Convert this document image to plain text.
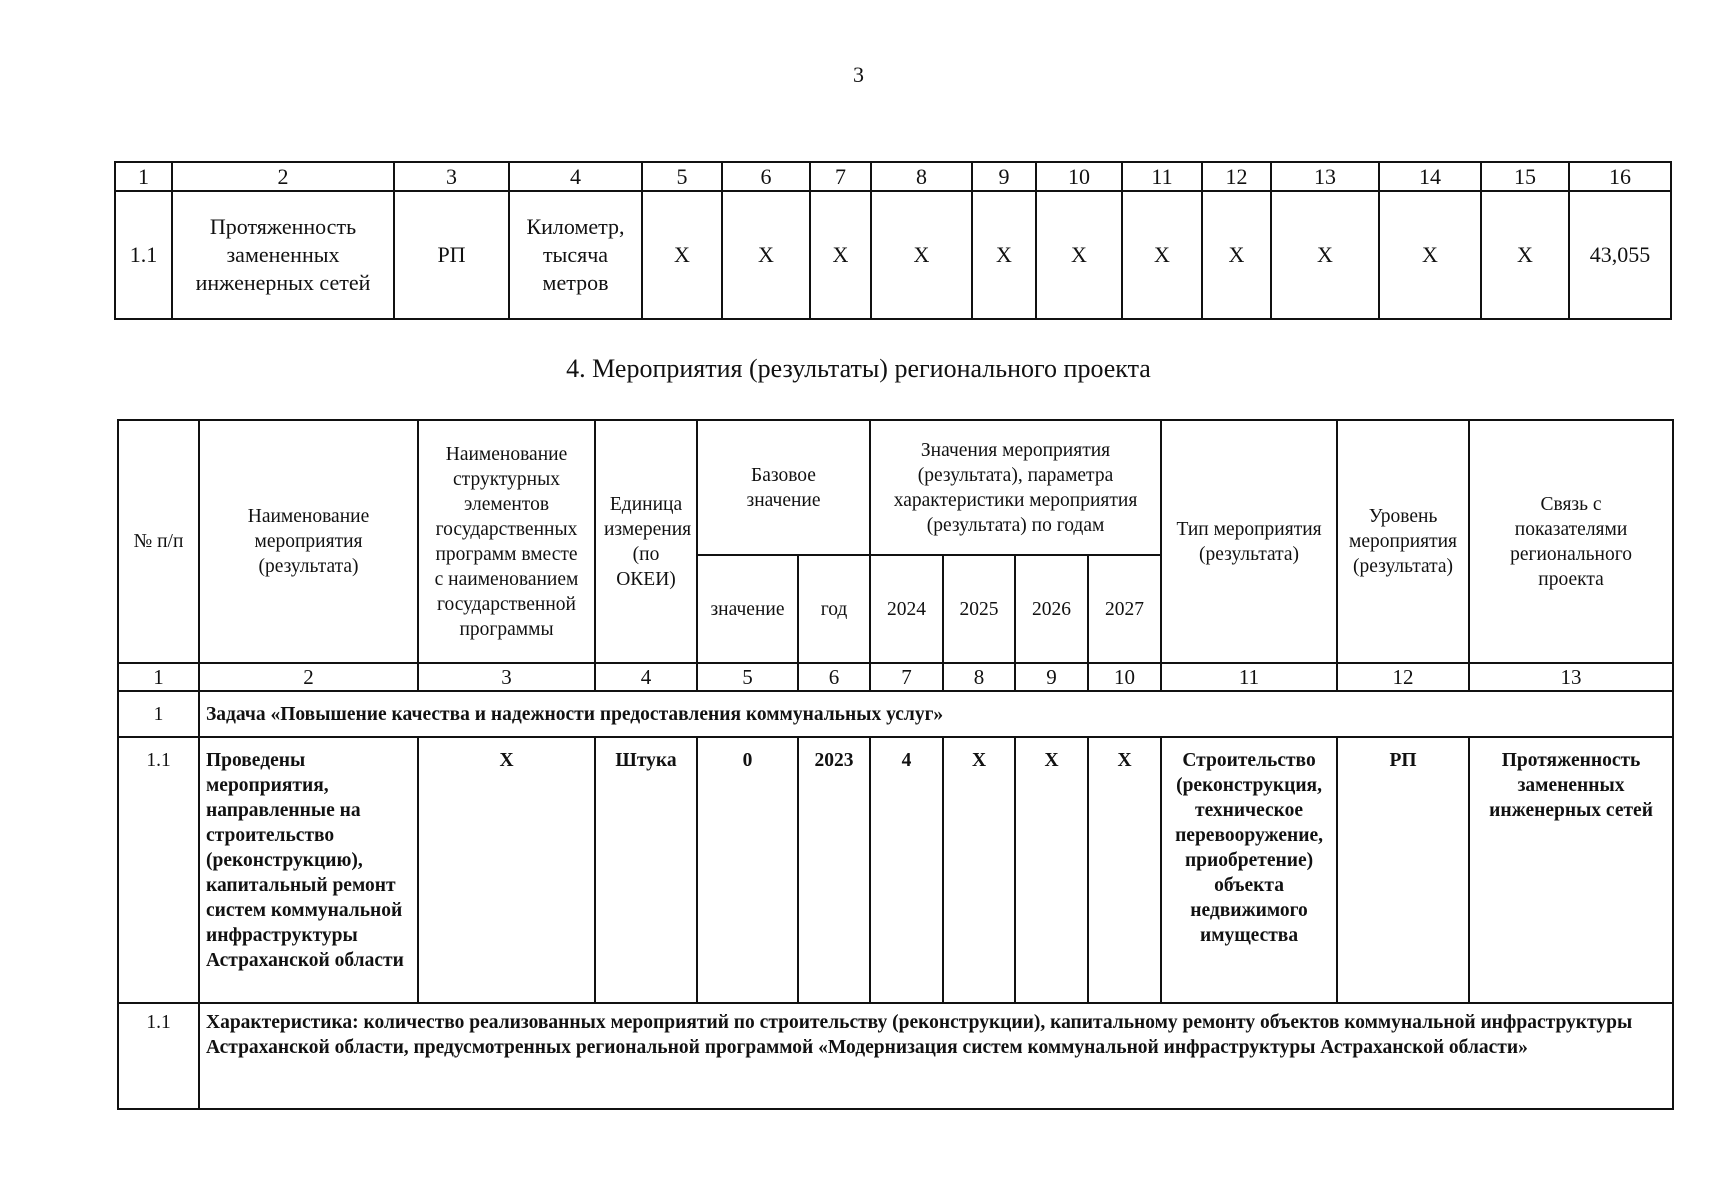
3
1	2	3	4	5	6	7	8	9	10	11	12	13	14	15	16
1.1	Протяженность замененных инженерных сетей	РП	Километр, тысяча метров	X	X	X	X	X	X	X	X	X	X	X	43,055
4. Мероприятия (результаты) регионального проекта
№ п/п	Наименование мероприятия (результата)	Наименование структурных элементов государственных программ вместе с наименованием государственной программы	Единица измерения (по ОКЕИ)	Базовое значение		Значения мероприятия (результата), параметра характеристики мероприятия (результата) по годам				Тип мероприятия (результата)	Уровень мероприятия (результата)	Связь с показателями регионального проекта
				значение	год	2024	2025	2026	2027			
1	2	3	4	5	6	7	8	9	10	11	12	13
1	Задача «Повышение качества и надежности предоставления коммунальных услуг»											
1.1	Проведены мероприятия, направленные на строительство (реконструкцию), капитальный ремонт систем коммунальной инфраструктуры Астраханской области	X	Штука	0	2023	4	X	X	X	Строительство (реконструкция, техническое перевооружение, приобретение) объекта недвижимого имущества	РП	Протяженность замененных инженерных сетей
1.1	Характеристика: количество реализованных мероприятий по строительству (реконструкции), капитальному ремонту объектов коммунальной инфраструктуры Астраханской области, предусмотренных региональной программой «Модернизация систем коммунальной инфраструктуры Астраханской области»											
